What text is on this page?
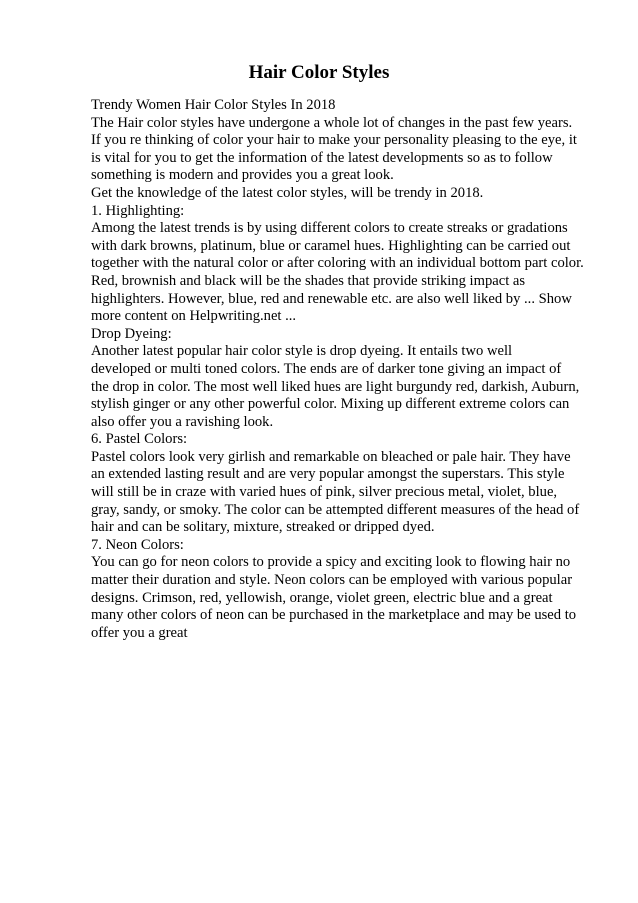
Hair Color Styles
Trendy Women Hair Color Styles In 2018
The Hair color styles have undergone a whole lot of changes in the past few years.
If you re thinking of color your hair to make your personality pleasing to the eye, it
is vital for you to get the information of the latest developments so as to follow
something is modern and provides you a great look.
Get the knowledge of the latest color styles, will be trendy in 2018.
1. Highlighting:
Among the latest trends is by using different colors to create streaks or gradations
with dark browns, platinum, blue or caramel hues. Highlighting can be carried out
together with the natural color or after coloring with an individual bottom part color.
Red, brownish and black will be the shades that provide striking impact as
highlighters. However, blue, red and renewable etc. are also well liked by ... Show
more content on Helpwriting.net ...
Drop Dyeing:
Another latest popular hair color style is drop dyeing. It entails two well
developed or multi toned colors. The ends are of darker tone giving an impact of
the drop in color. The most well liked hues are light burgundy red, darkish, Auburn,
stylish ginger or any other powerful color. Mixing up different extreme colors can
also offer you a ravishing look.
6. Pastel Colors:
Pastel colors look very girlish and remarkable on bleached or pale hair. They have
an extended lasting result and are very popular amongst the superstars. This style
will still be in craze with varied hues of pink, silver precious metal, violet, blue,
gray, sandy, or smoky. The color can be attempted different measures of the head of
hair and can be solitary, mixture, streaked or dripped dyed.
7. Neon Colors:
You can go for neon colors to provide a spicy and exciting look to flowing hair no
matter their duration and style. Neon colors can be employed with various popular
designs. Crimson, red, yellowish, orange, violet green, electric blue and a great
many other colors of neon can be purchased in the marketplace and may be used to
offer you a great
